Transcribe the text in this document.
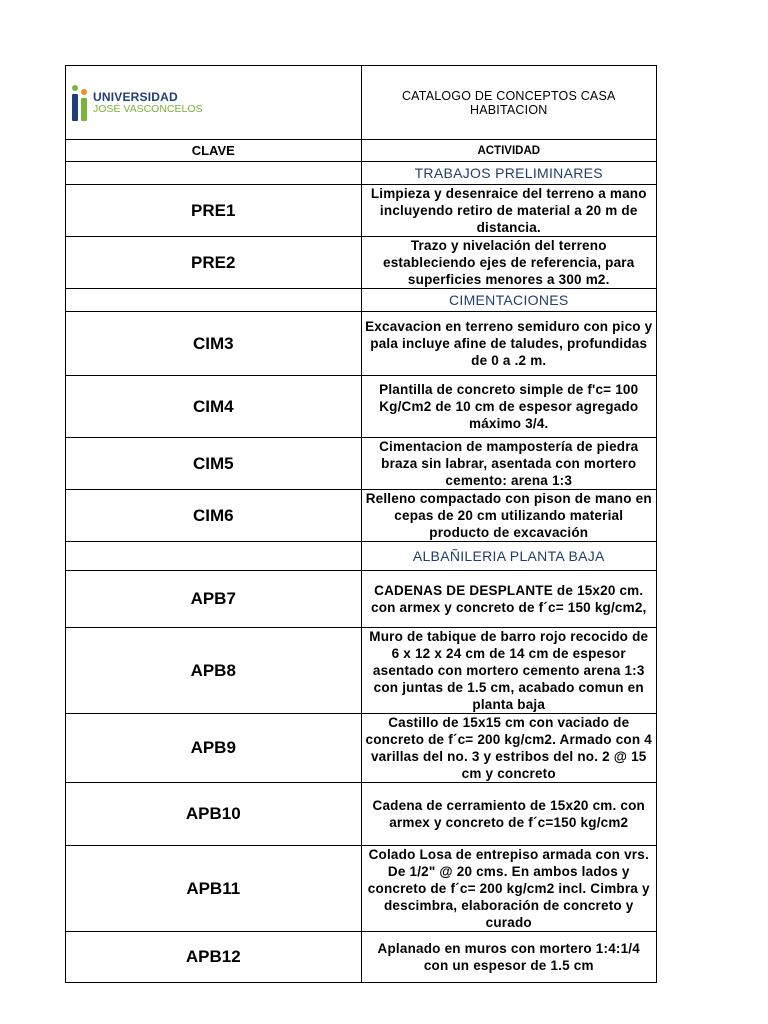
UNIVERSIDAD
JOSÉ VASCONCELOS	CATALOGO DE CONCEPTOS CASA HABITACION
CLAVE	ACTIVIDAD
	TRABAJOS PRELIMINARES
PRE1	Limpieza y desenraice del terreno a mano incluyendo retiro de material a 20 m de distancia.
PRE2	Trazo y nivelación del terreno estableciendo ejes de referencia, para superficies menores a 300 m2.
	CIMENTACIONES
CIM3	Excavacion en terreno semiduro con pico y pala incluye afine de taludes, profundidas de 0 a .2 m.
CIM4	Plantilla de concreto simple de f'c= 100 Kg/Cm2 de 10 cm de espesor agregado máximo 3/4.
CIM5	Cimentacion de mampostería de piedra braza sin labrar, asentada con mortero cemento: arena 1:3
CIM6	Relleno compactado con pison de mano en cepas de 20 cm utilizando material producto de excavación
	ALBAÑILERIA PLANTA BAJA
APB7	CADENAS DE DESPLANTE de 15x20 cm. con armex y concreto de f´c= 150 kg/cm2,
APB8	Muro de tabique de barro rojo recocido de 6 x 12 x 24 cm de 14 cm de espesor asentado con mortero cemento arena 1:3 con juntas de 1.5 cm, acabado comun en planta baja
APB9	Castillo de 15x15 cm con vaciado de concreto de f´c= 200 kg/cm2. Armado con 4 varillas del no. 3 y estribos del no. 2 @ 15 cm y concreto
APB10	Cadena de cerramiento de 15x20 cm. con armex y concreto de f´c=150 kg/cm2
APB11	Colado Losa de entrepiso armada con vrs. De 1/2" @ 20 cms. En ambos lados y concreto de f´c= 200 kg/cm2 incl. Cimbra y descimbra, elaboración de concreto y curado
APB12	Aplanado en muros con mortero 1:4:1/4 con un espesor de 1.5 cm
